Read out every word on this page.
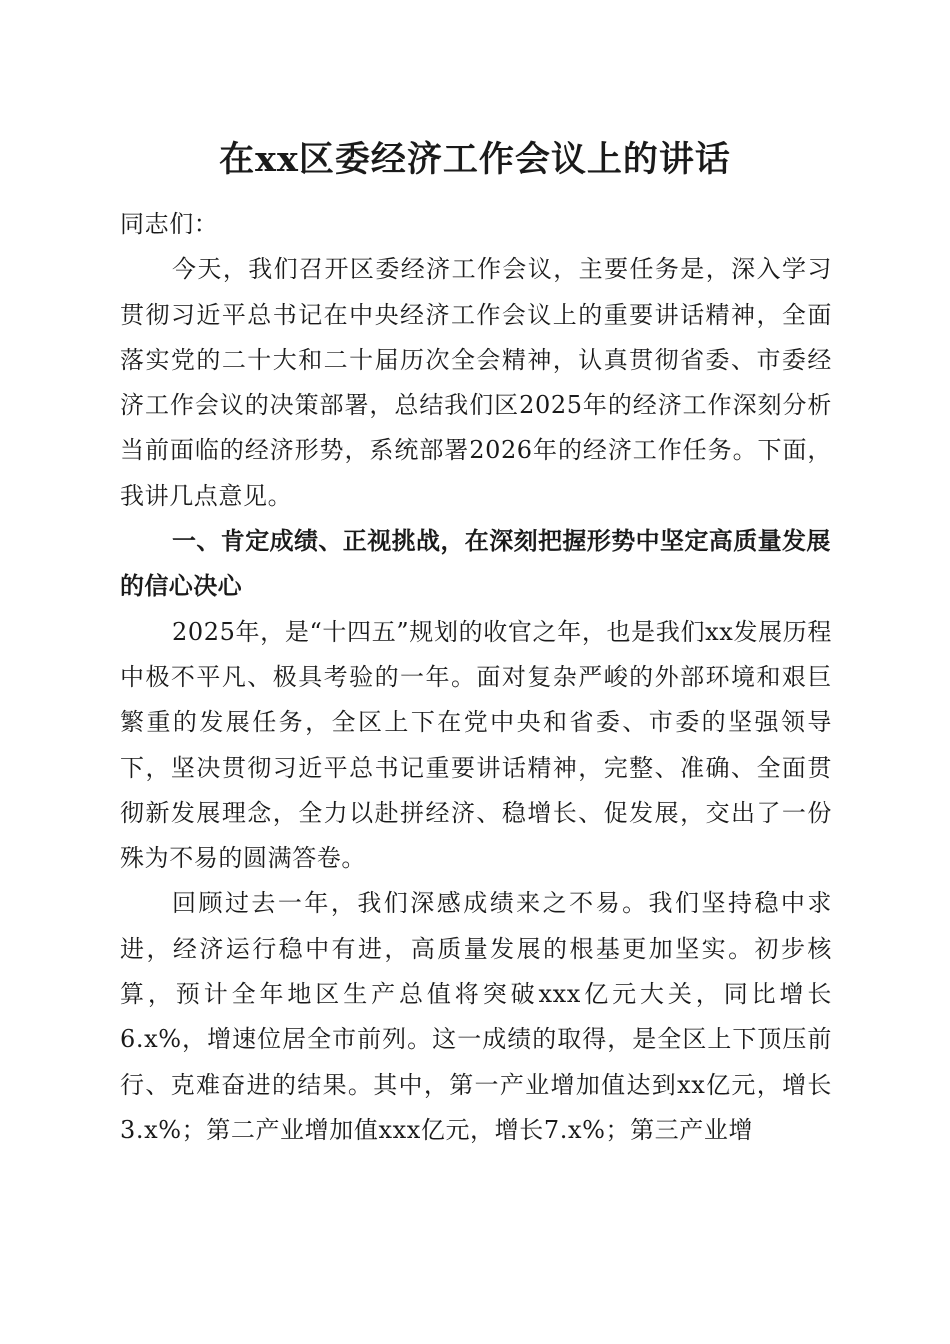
在xx区委经济工作会议上的讲话

同志们：

今天，我们召开区委经济工作会议，主要任务是，深入学习贯彻习近平总书记在中央经济工作会议上的重要讲话精神，全面落实党的二十大和二十届历次全会精神，认真贯彻省委、市委经济工作会议的决策部署，总结我们区2025年的经济工作深刻分析当前面临的经济形势，系统部署2026年的经济工作任务。下面，我讲几点意见。

一、肯定成绩、正视挑战，在深刻把握形势中坚定高质量发展的信心决心

2025年，是“十四五”规划的收官之年，也是我们xx发展历程中极不平凡、极具考验的一年。面对复杂严峻的外部环境和艰巨繁重的发展任务，全区上下在党中央和省委、市委的坚强领导下，坚决贯彻习近平总书记重要讲话精神，完整、准确、全面贯彻新发展理念，全力以赴拼经济、稳增长、促发展，交出了一份殊为不易的圆满答卷。

回顾过去一年，我们深感成绩来之不易。我们坚持稳中求进，经济运行稳中有进，高质量发展的根基更加坚实。初步核算，预计全年地区生产总值将突破xxx亿元大关，同比增长6.x%，增速位居全市前列。这一成绩的取得，是全区上下顶压前行、克难奋进的结果。其中，第一产业增加值达到xx亿元，增长3.x%；第二产业增加值xxx亿元，增长7.x%；第三产业增
